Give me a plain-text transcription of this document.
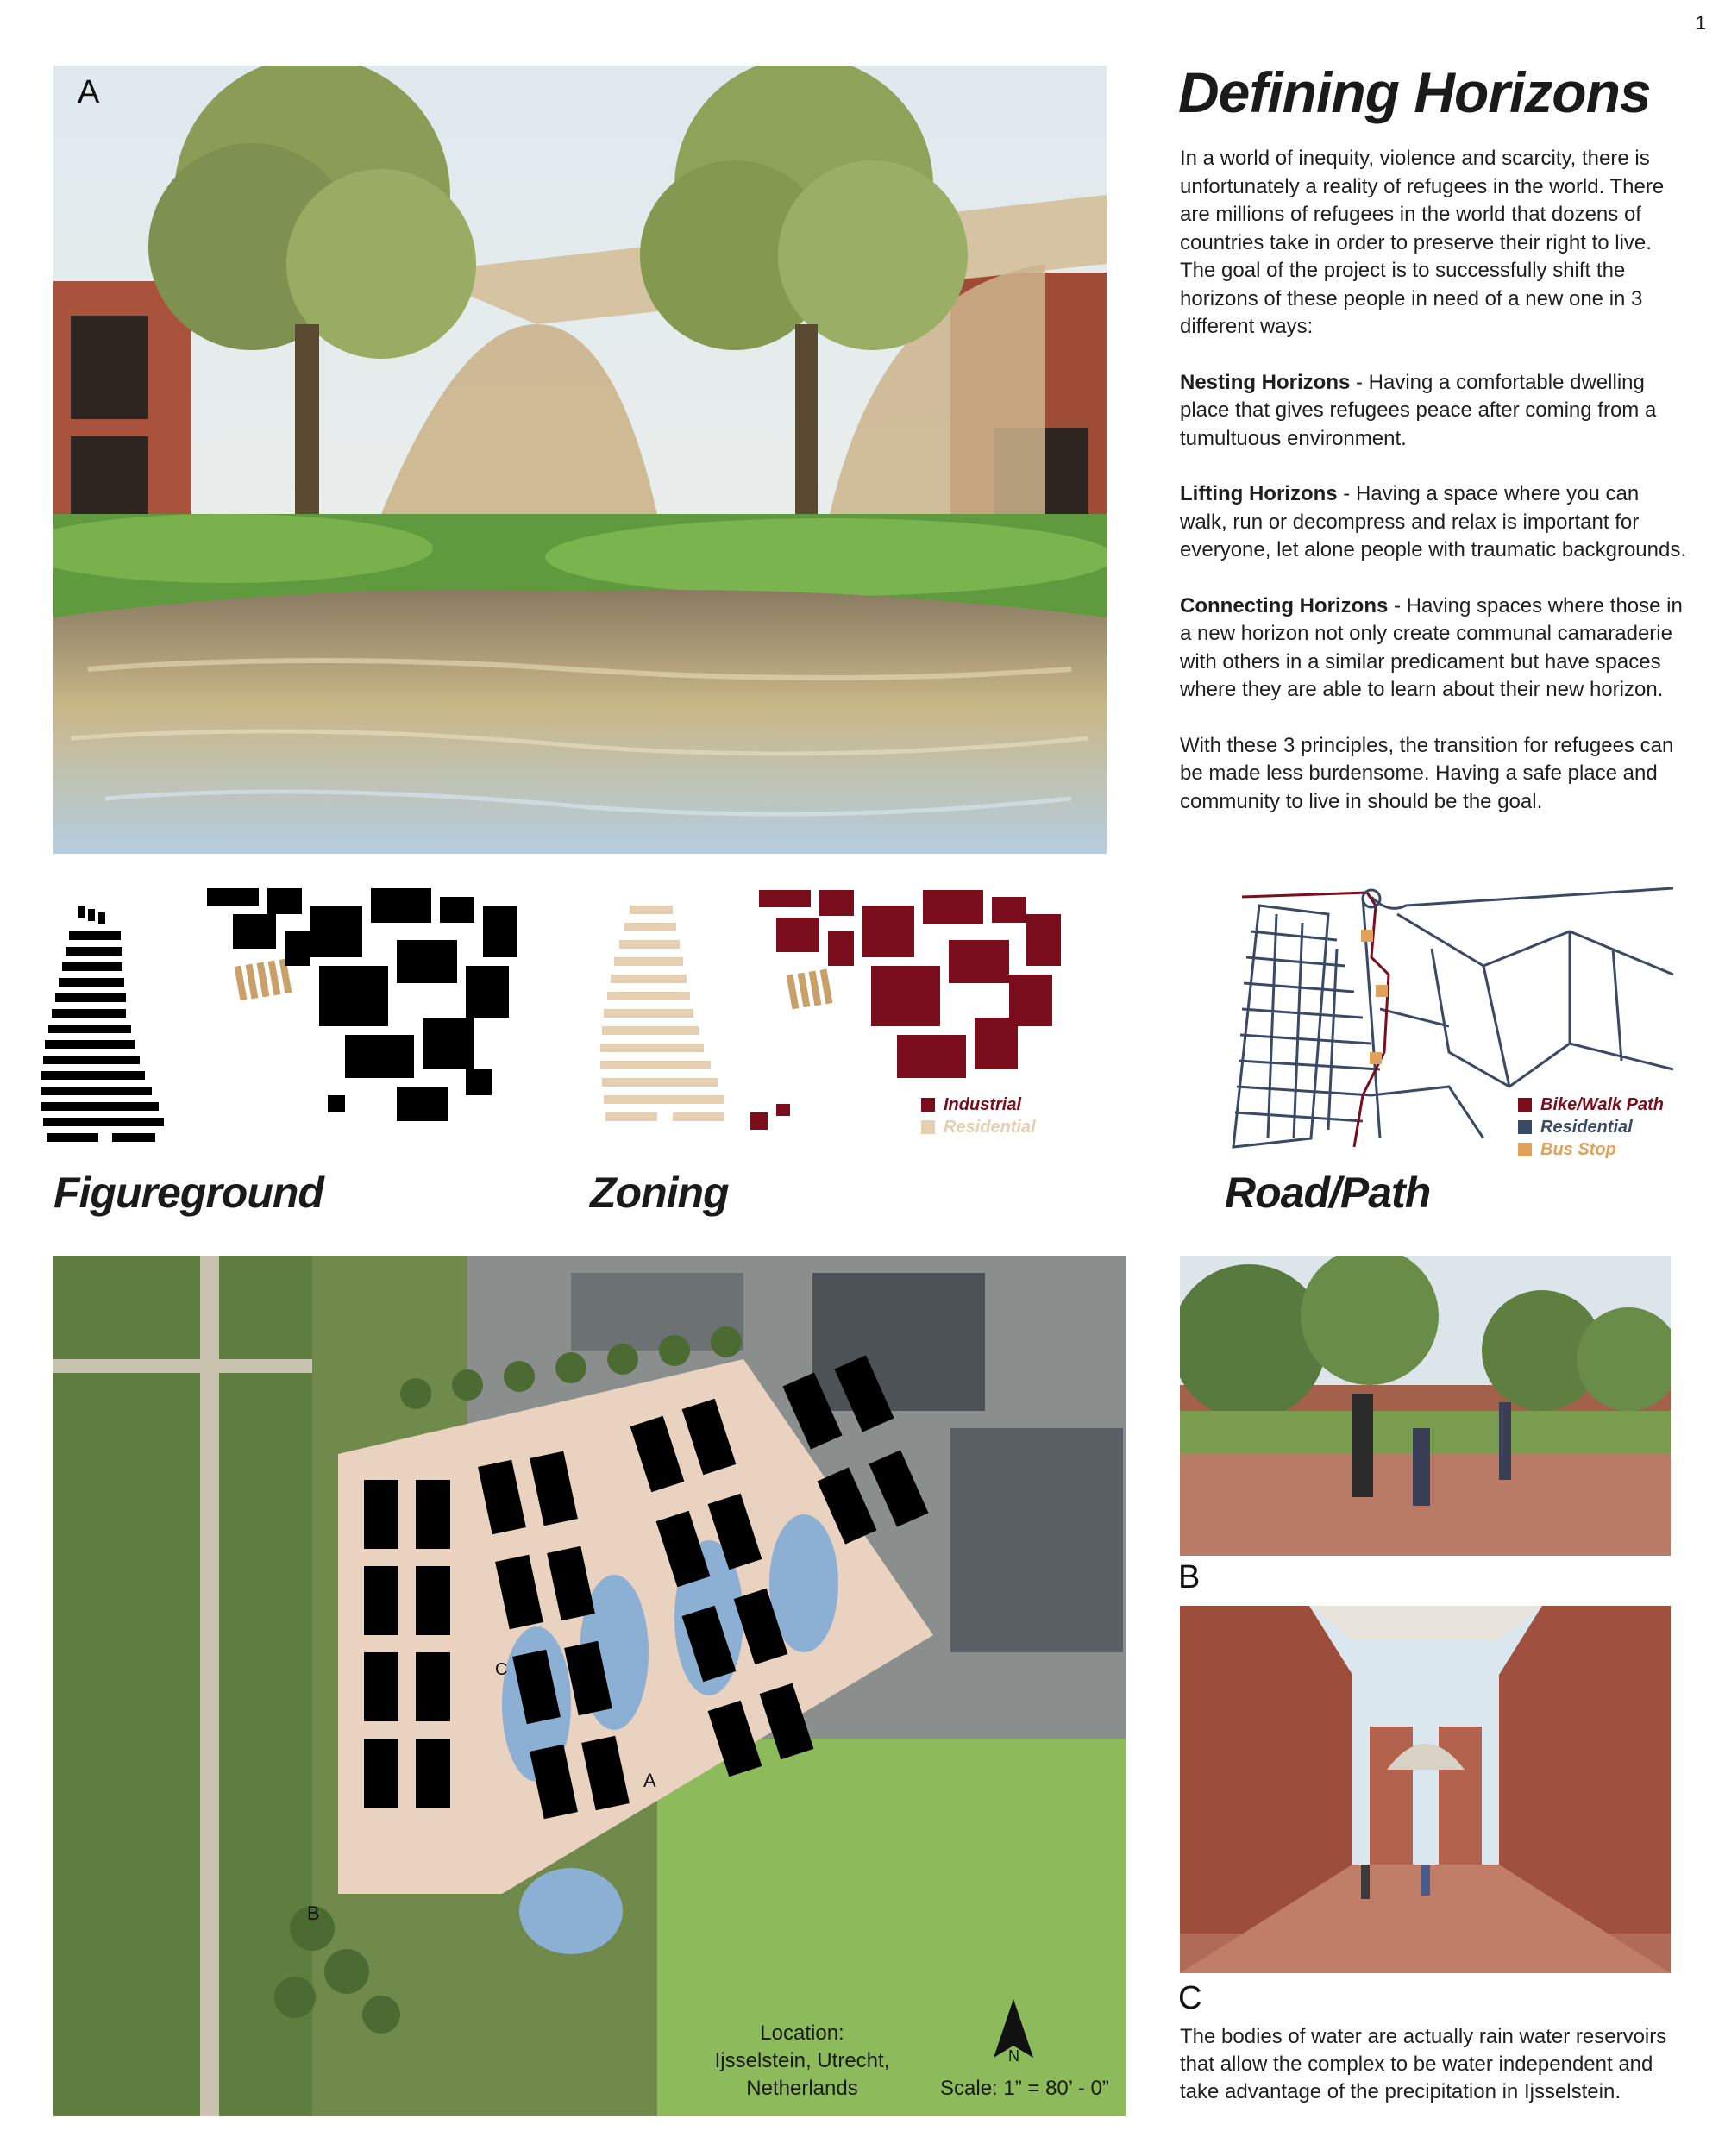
1
A	Defining Horizons

In a world of inequity, violence and scarcity, there is unfortunately a reality of refugees in the world. There are millions of refugees in the world that dozens of countries take in order to preserve their right to live. The goal of the project is to successfully shift the horizons of these people in need of a new one in 3 different ways:

Nesting Horizons - Having a comfortable dwelling place that gives refugees peace after coming from a tumultuous environment.

Lifting Horizons - Having a space where you can walk, run or decompress and relax is important for everyone, let alone people with traumatic backgrounds.

Connecting Horizons - Having spaces where those in a new horizon not only create communal camaraderie with others in a similar predicament but have spaces where they are able to learn about their new horizon.

With these 3 principles, the transition for refugees can be made less burdensome. Having a safe place and community to live in should be the goal.

Figureground
Industrial
Residential
Zoning
Bike/Walk Path
Residential
Bus Stop
Road/Path
C
A
B
Location:
Ijsselstein, Utrecht,
Netherlands
N
Scale: 1” = 80’ - 0”
B
C
The bodies of water are actually rain water reservoirs that allow the complex to be water independent and take advantage of the precipitation in Ijsselstein.
